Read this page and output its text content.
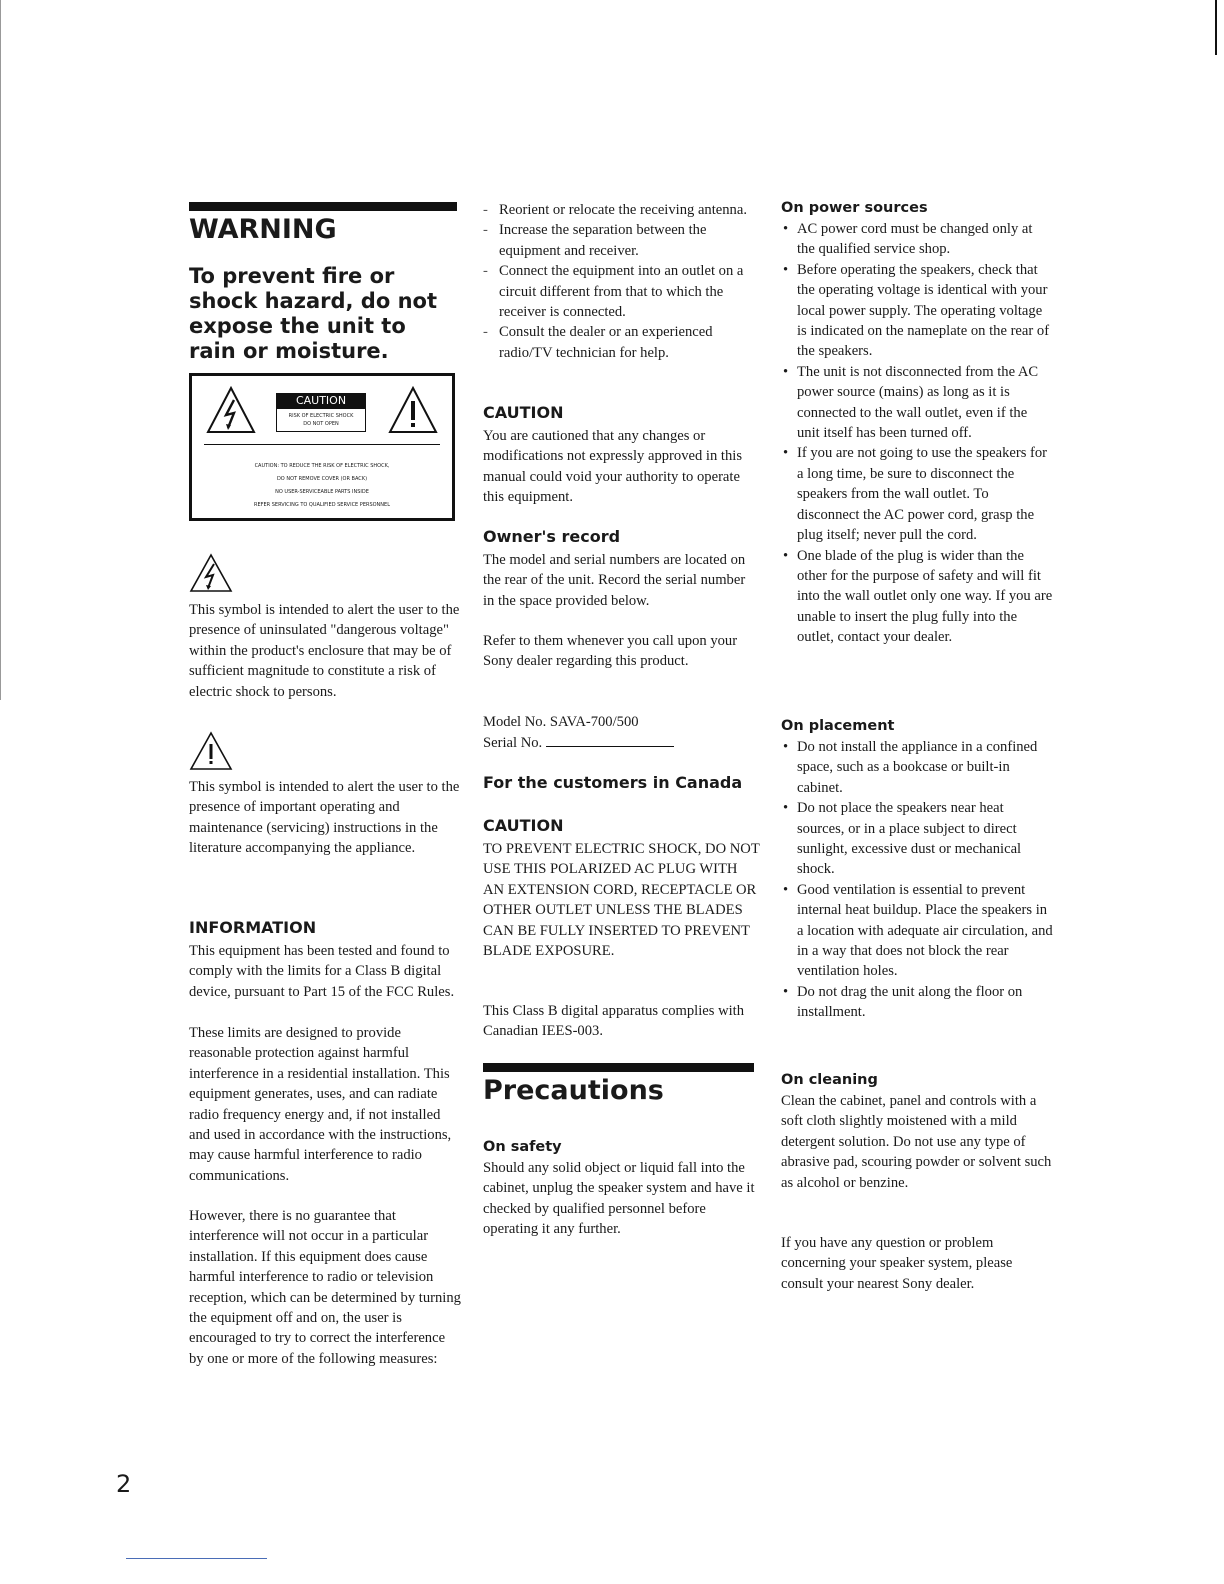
WARNING
To prevent fire or shock hazard, do not expose the unit to rain or moisture.
CAUTION
RISK OF ELECTRIC SHOCK
DO NOT OPEN
CAUTION: TO REDUCE THE RISK OF ELECTRIC SHOCK,
DO NOT REMOVE COVER (OR BACK)
NO USER-SERVICEABLE PARTS INSIDE
REFER SERVICING TO QUALIFIED SERVICE PERSONNEL

This symbol is intended to alert the user to the presence of uninsulated "dangerous voltage" within the product's enclosure that may be of sufficient magnitude to constitute a risk of electric shock to persons.

This symbol is intended to alert the user to the presence of important operating and maintenance (servicing) instructions in the literature accompanying the appliance.

INFORMATION

This equipment has been tested and found to comply with the limits for a Class B digital device, pursuant to Part 15 of the FCC Rules.

These limits are designed to provide reasonable protection against harmful interference in a residential installation. This equipment generates, uses, and can radiate radio frequency energy and, if not installed and used in accordance with the instructions, may cause harmful interference to radio communications.

However, there is no guarantee that interference will not occur in a particular installation. If this equipment does cause harmful interference to radio or television reception, which can be determined by turning the equipment off and on, the user is encouraged to try to correct the interference by one or more of the following measures:

- Reorient or relocate the receiving antenna.
- Increase the separation between the equipment and receiver.
- Connect the equipment into an outlet on a circuit different from that to which the receiver is connected.
- Consult the dealer or an experienced radio/TV technician for help.
CAUTION

You are cautioned that any changes or modifications not expressly approved in this manual could void your authority to operate this equipment.

Owner's record

The model and serial numbers are located on the rear of the unit. Record the serial number in the space provided below.

Refer to them whenever you call upon your Sony dealer regarding this product.

Model No. SAVA-700/500
Serial No.
For the customers in Canada
CAUTION

TO PREVENT ELECTRIC SHOCK, DO NOT USE THIS POLARIZED AC PLUG WITH AN EXTENSION CORD, RECEPTACLE OR OTHER OUTLET UNLESS THE BLADES CAN BE FULLY INSERTED TO PREVENT BLADE EXPOSURE.

This Class B digital apparatus complies with Canadian IEES-003.

Precautions
On safety

Should any solid object or liquid fall into the cabinet, unplug the speaker system and have it checked by qualified personnel before operating it any further.

On power sources
• AC power cord must be changed only at the qualified service shop.
• Before operating the speakers, check that the operating voltage is identical with your local power supply. The operating voltage is indicated on the nameplate on the rear of the speakers.
• The unit is not disconnected from the AC power source (mains) as long as it is connected to the wall outlet, even if the unit itself has been turned off.
• If you are not going to use the speakers for a long time, be sure to disconnect the speakers from the wall outlet. To disconnect the AC power cord, grasp the plug itself; never pull the cord.
• One blade of the plug is wider than the other for the purpose of safety and will fit into the wall outlet only one way. If you are unable to insert the plug fully into the outlet, contact your dealer.
On placement
• Do not install the appliance in a confined space, such as a bookcase or built-in cabinet.
• Do not place the speakers near heat sources, or in a place subject to direct sunlight, excessive dust or mechanical shock.
• Good ventilation is essential to prevent internal heat buildup. Place the speakers in a location with adequate air circulation, and in a way that does not block the rear ventilation holes.
• Do not drag the unit along the floor on installment.
On cleaning

Clean the cabinet, panel and controls with a soft cloth slightly moistened with a mild detergent solution. Do not use any type of abrasive pad, scouring powder or solvent such as alcohol or benzine.

If you have any question or problem concerning your speaker system, please consult your nearest Sony dealer.

2
